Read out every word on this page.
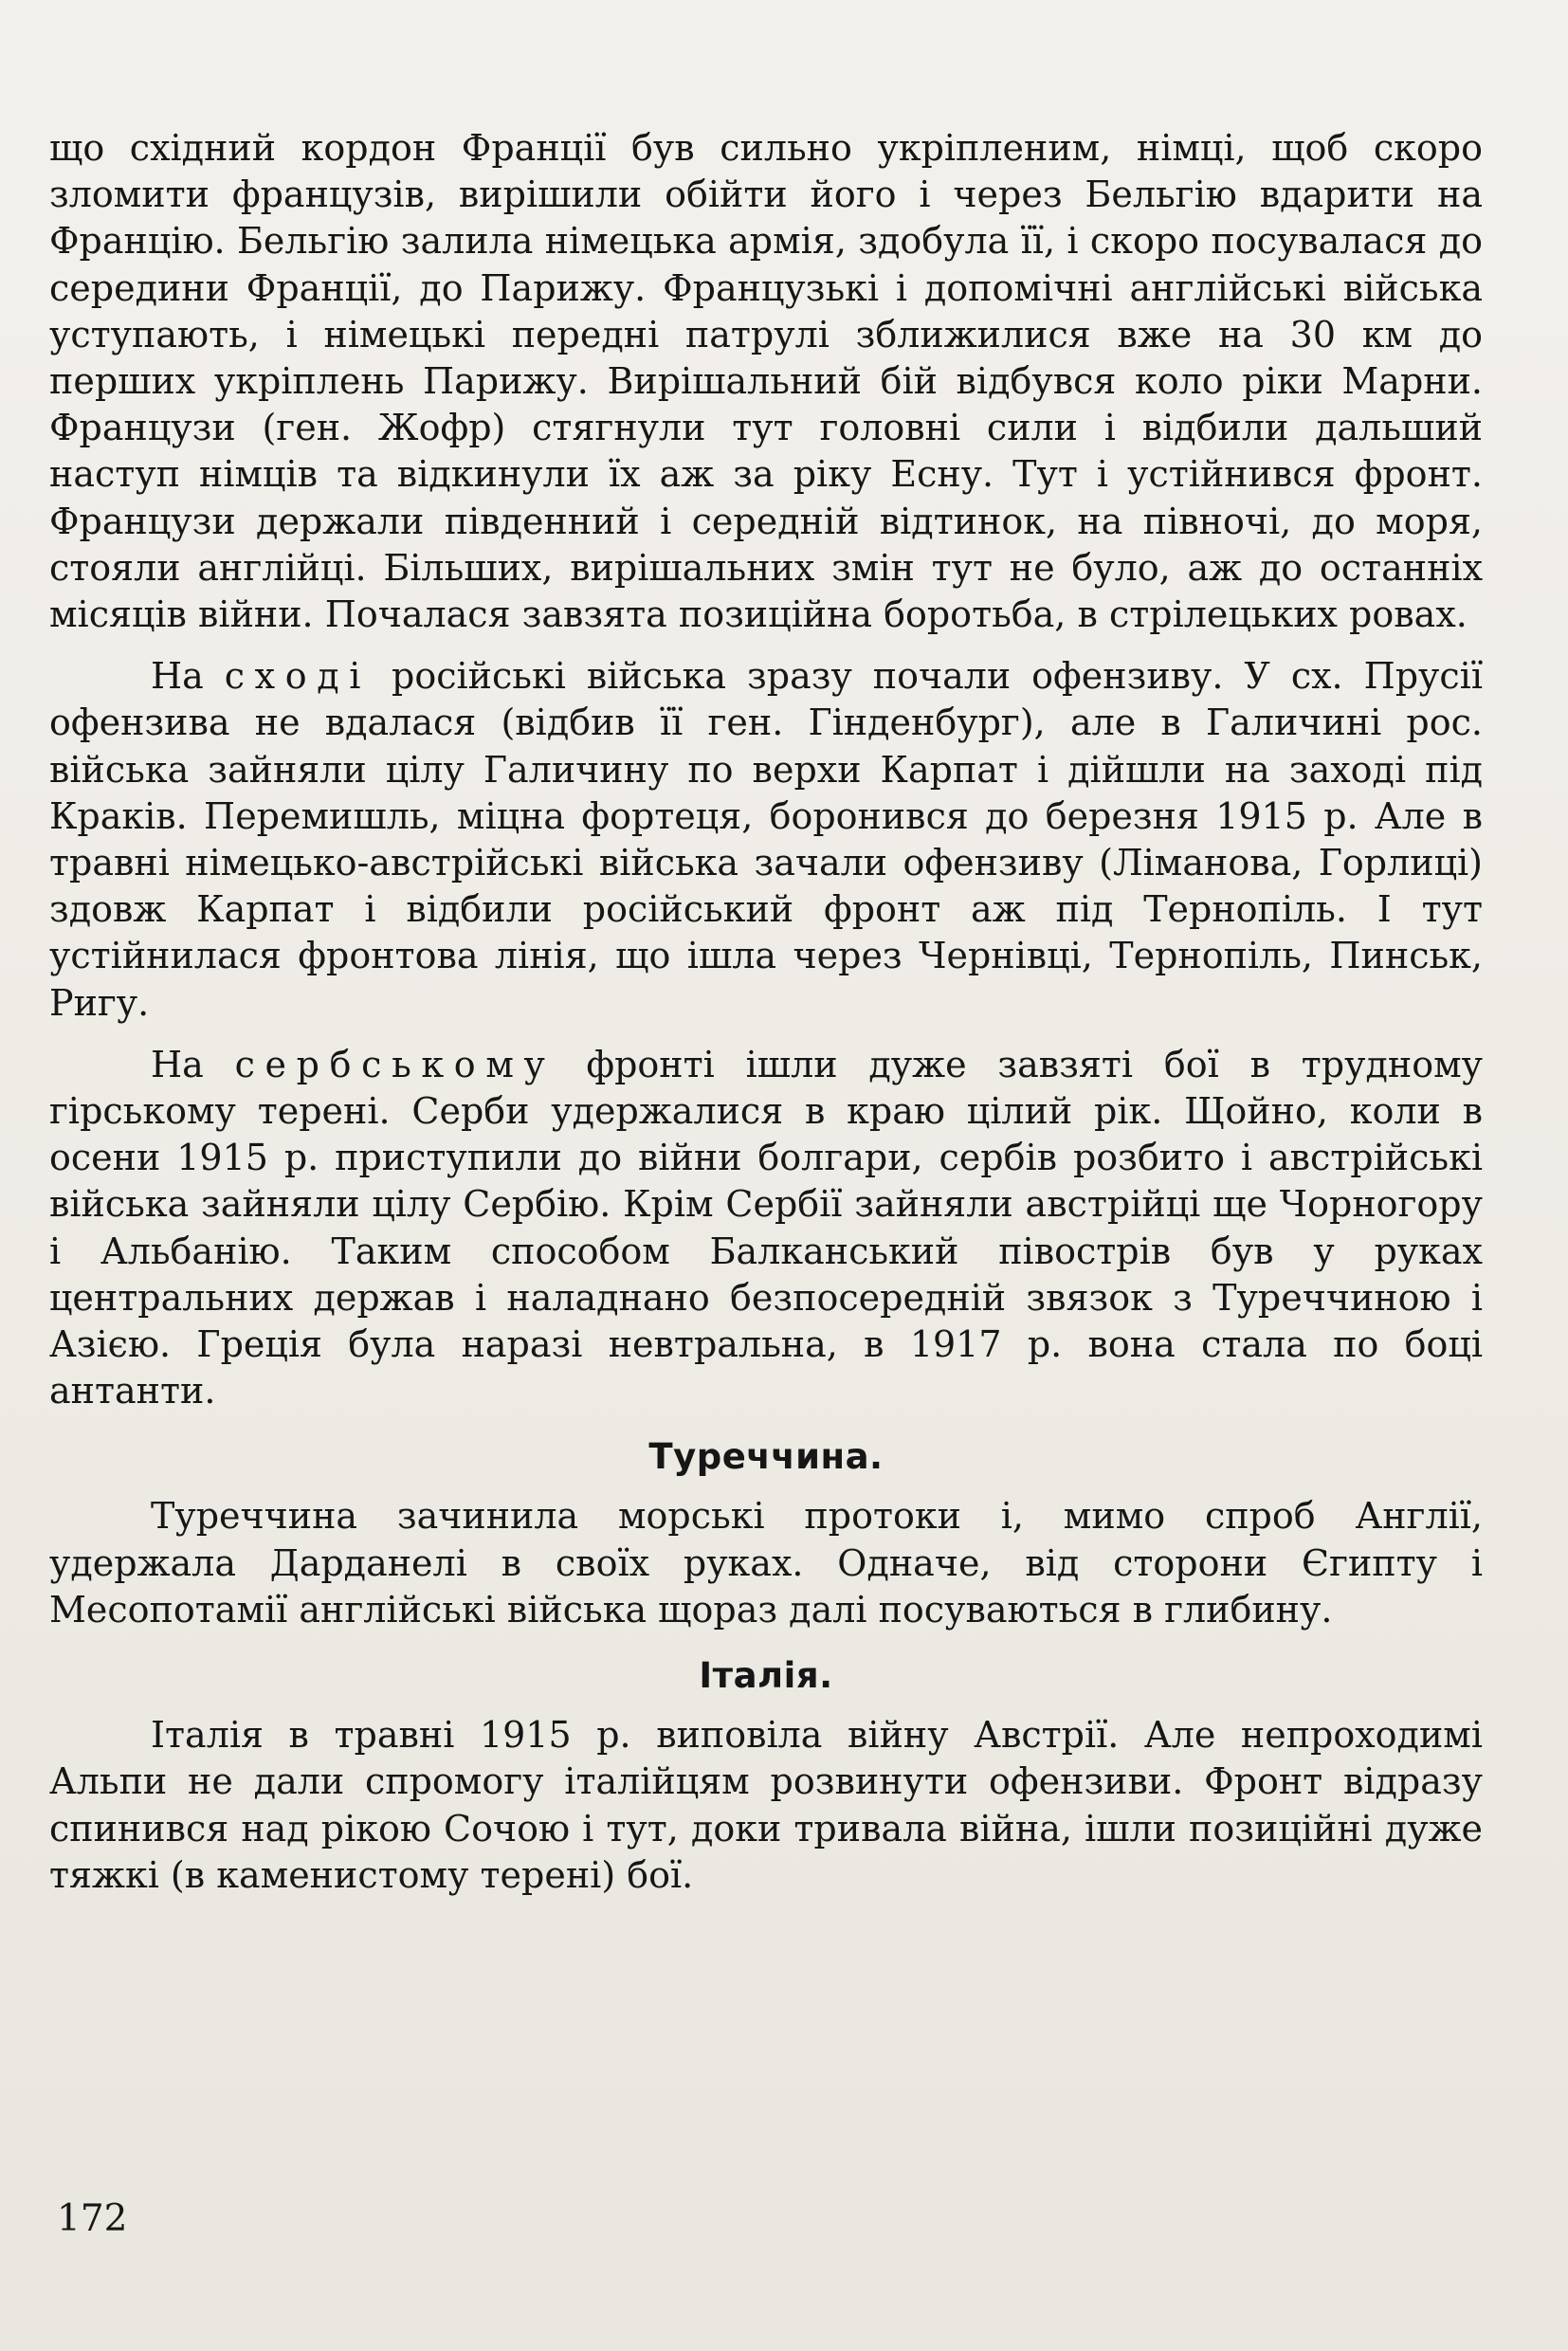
що східний кордон Франції був сильно укріпленим, німці, щоб скоро зломити французів, вирішили обійти його і через Бельгію вдарити на Францію. Бельгію залила німецька армія, здобула її, і скоро посувалася до середини Франції, до Парижу. Французькі і допомічні англійські війська уступають, і німецькі передні патрулі зближилися вже на 30 км до перших укріплень Парижу. Вирішальний бій відбувся коло ріки Марни. Французи (ген. Жофр) стягнули тут головні сили і відбили дальший наступ німців та відкинули їх аж за ріку Есну. Тут і устійнився фронт. Французи держали південний і середній відтинок, на півночі, до моря, стояли англійці. Більших, вирішальних змін тут не було, аж до останніх місяців війни. Почалася завзята позиційна боротьба, в стрілецьких ровах.

На сході російські війська зразу почали офензиву. У сх. Прусії офензива не вдалася (відбив її ген. Гінденбург), але в Галичині рос. війська зайняли цілу Галичину по верхи Карпат і дійшли на заході під Краків. Перемишль, міцна фортеця, боронився до березня 1915 р. Але в травні німецько-австрійські війська зачали офензиву (Ліманова, Горлиці) здовж Карпат і відбили російський фронт аж під Тернопіль. І тут устійнилася фронтова лінія, що ішла через Чернівці, Тернопіль, Пинськ, Ригу.

На сербському фронті ішли дуже завзяті бої в трудному гірському терені. Серби удержалися в краю цілий рік. Щойно, коли в осени 1915 р. приступили до війни болгари, сербів розбито і австрійські війська зайняли цілу Сербію. Крім Сербії зайняли австрійці ще Чорногору і Альбанію. Таким способом Балканський півострів був у руках центральних держав і наладнано безпосередній звязок з Туреччиною і Азією. Греція була наразі невтральна, в 1917 р. вона стала по боці антанти.

Туреччина.

Туреччина зачинила морські протоки і, мимо спроб Англії, удержала Дарданелі в своїх руках. Одначе, від сторони Єгипту і Месопотамії англійські війська щораз далі посуваються в глибину.

Італія.

Італія в травні 1915 р. виповіла війну Австрії. Але непроходимі Альпи не дали спромогу італійцям розвинути офензиви. Фронт відразу спинився над рікою Сочою і тут, доки тривала війна, ішли позиційні дуже тяжкі (в каменистому терені) бої.

172
